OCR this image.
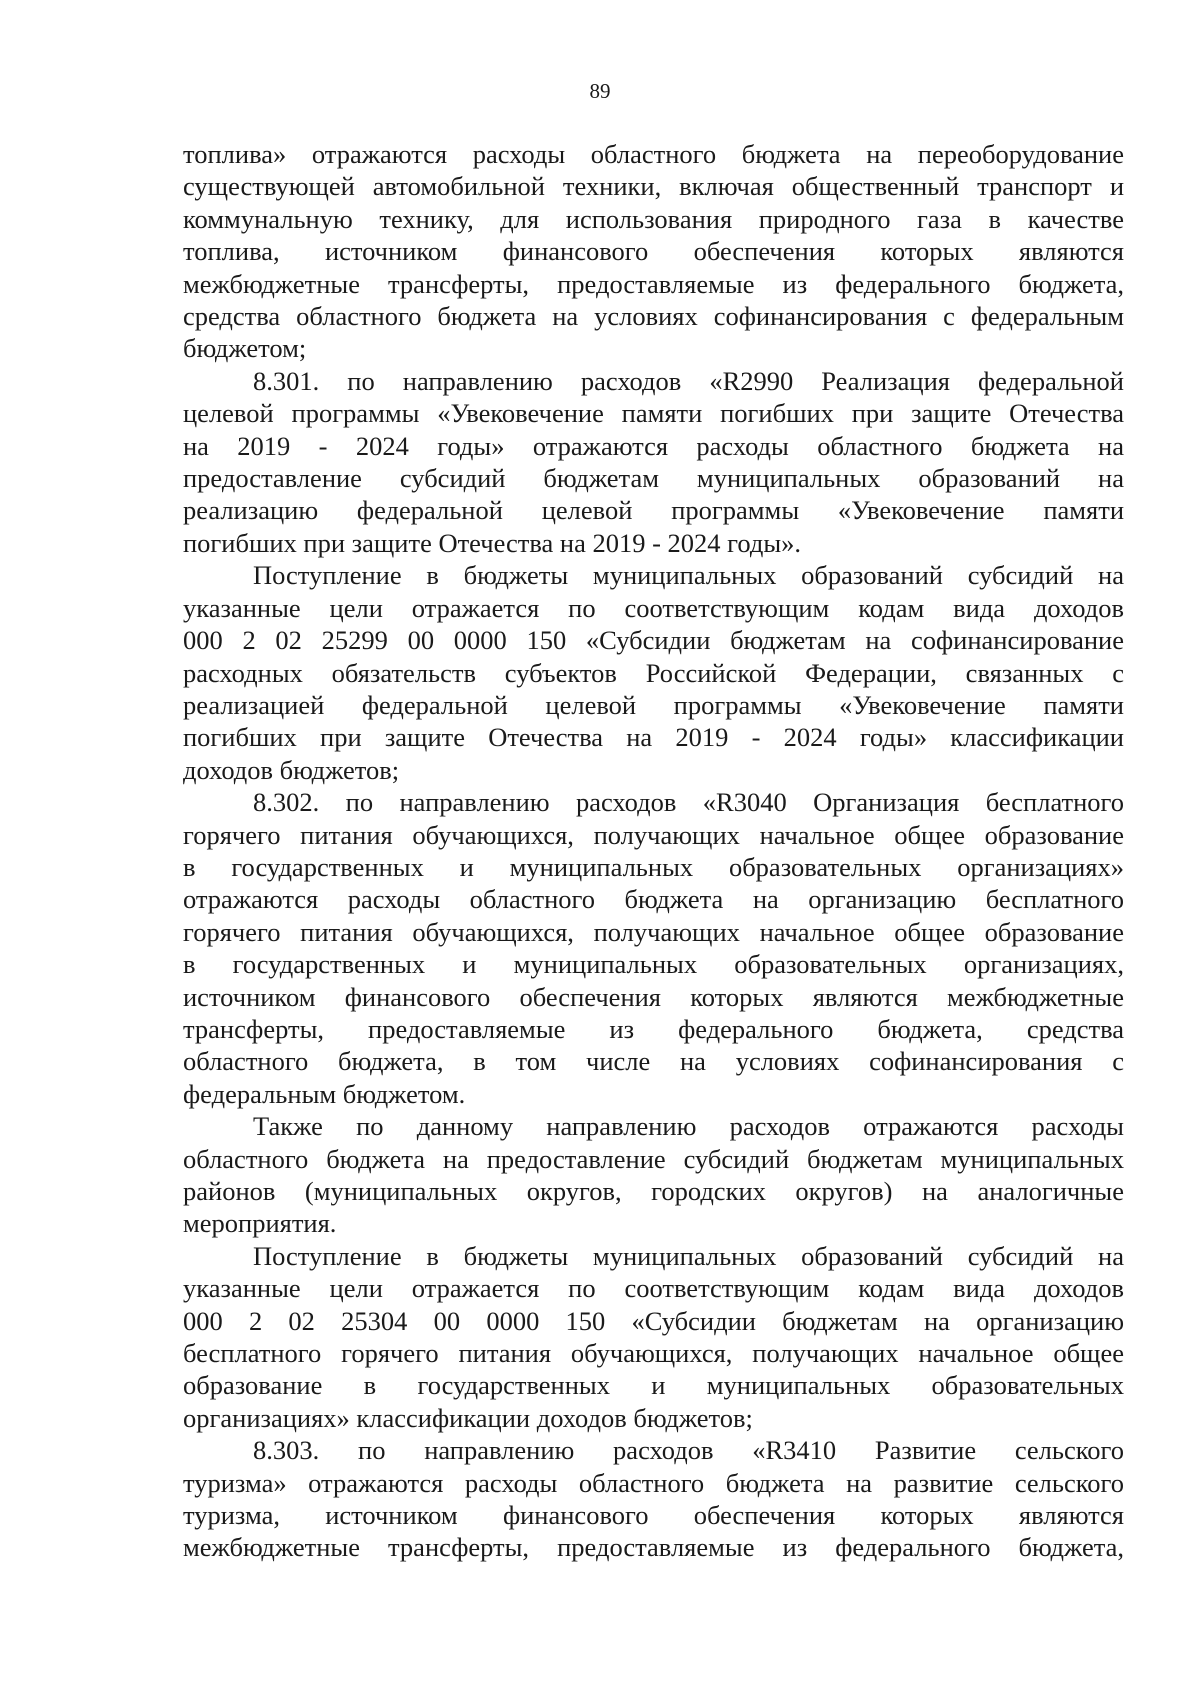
89
топлива» отражаются расходы областного бюджета на переоборудование
существующей автомобильной техники, включая общественный транспорт и
коммунальную технику, для использования природного газа в качестве
топлива, источником финансового обеспечения которых являются
межбюджетные трансферты, предоставляемые из федерального бюджета,
средства областного бюджета на условиях софинансирования с федеральным
бюджетом;
8.301. по направлению расходов «R2990 Реализация федеральной
целевой программы «Увековечение памяти погибших при защите Отечества
на 2019 - 2024 годы» отражаются расходы областного бюджета на
предоставление субсидий бюджетам муниципальных образований на
реализацию федеральной целевой программы «Увековечение памяти
погибших при защите Отечества на 2019 - 2024 годы».
Поступление в бюджеты муниципальных образований субсидий на
указанные цели отражается по соответствующим кодам вида доходов
000 2 02 25299 00 0000 150 «Субсидии бюджетам на софинансирование
расходных обязательств субъектов Российской Федерации, связанных с
реализацией федеральной целевой программы «Увековечение памяти
погибших при защите Отечества на 2019 - 2024 годы» классификации
доходов бюджетов;
8.302. по направлению расходов «R3040 Организация бесплатного
горячего питания обучающихся, получающих начальное общее образование
в государственных и муниципальных образовательных организациях»
отражаются расходы областного бюджета на организацию бесплатного
горячего питания обучающихся, получающих начальное общее образование
в государственных и муниципальных образовательных организациях,
источником финансового обеспечения которых являются межбюджетные
трансферты, предоставляемые из федерального бюджета, средства
областного бюджета, в том числе на условиях софинансирования с
федеральным бюджетом.
Также по данному направлению расходов отражаются расходы
областного бюджета на предоставление субсидий бюджетам муниципальных
районов (муниципальных округов, городских округов) на аналогичные
мероприятия.
Поступление в бюджеты муниципальных образований субсидий на
указанные цели отражается по соответствующим кодам вида доходов
000 2 02 25304 00 0000 150 «Субсидии бюджетам на организацию
бесплатного горячего питания обучающихся, получающих начальное общее
образование в государственных и муниципальных образовательных
организациях» классификации доходов бюджетов;
8.303. по направлению расходов «R3410 Развитие сельского
туризма» отражаются расходы областного бюджета на развитие сельского
туризма, источником финансового обеспечения которых являются
межбюджетные трансферты, предоставляемые из федерального бюджета,
